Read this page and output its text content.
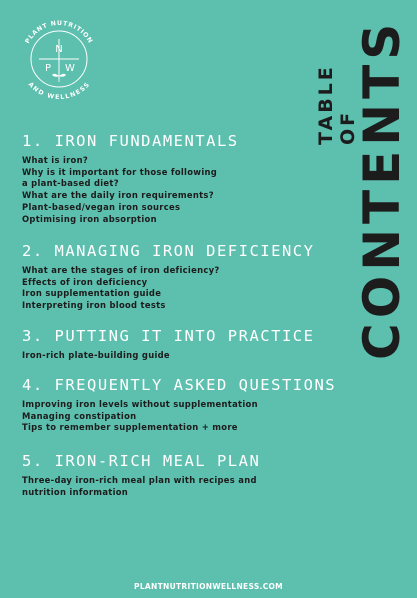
PLANT NUTRITION
AND WELLNESS
N
P W	TABLE OF
CONTENTS
1. IRON FUNDAMENTALS
What is iron?
Why is it important for those following
a plant-based diet?
What are the daily iron requirements?
Plant-based/vegan iron sources
Optimising iron absorption
2. MANAGING IRON DEFICIENCY
What are the stages of iron deficiency?
Effects of iron deficiency
Iron supplementation guide
Interpreting iron blood tests
3. PUTTING IT INTO PRACTICE
Iron-rich plate-building guide
4. FREQUENTLY ASKED QUESTIONS
Improving iron levels without supplementation
Managing constipation
Tips to remember supplementation + more
5. IRON-RICH MEAL PLAN
Three-day iron-rich meal plan with recipes and
nutrition information
PLANTNUTRITIONWELLNESS.COM
